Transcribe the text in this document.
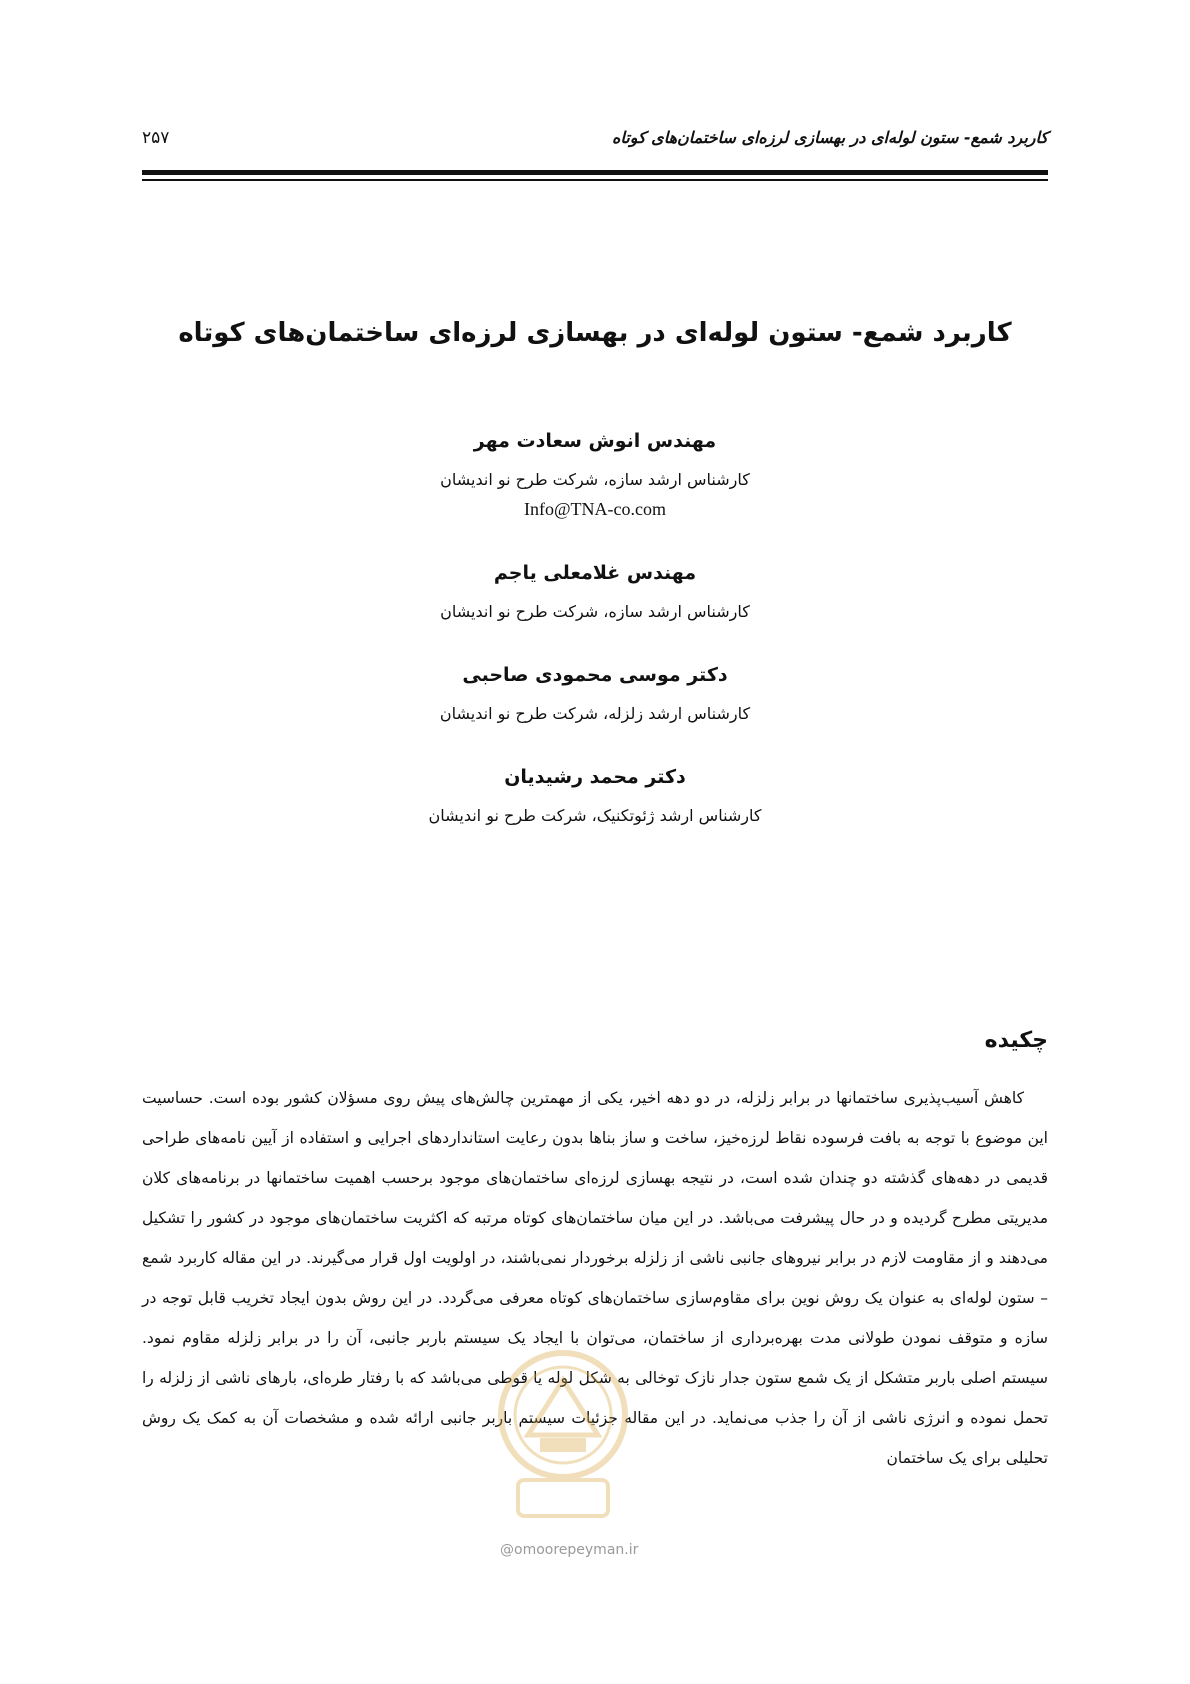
کاربرد شمع- ستون لوله‌ای در بهسازی لرزه‌ای ساختمان‌های کوتاه
۲۵۷
کاربرد شمع- ستون لوله‌ای در بهسازی لرزه‌ای ساختمان‌های کوتاه
مهندس انوش سعادت مهر
کارشناس ارشد سازه، شرکت طرح نو اندیشان
Info@TNA-co.com
مهندس غلامعلی یاجم
کارشناس ارشد سازه، شرکت طرح نو اندیشان
دکتر موسی محمودی صاحبی
کارشناس ارشد زلزله، شرکت طرح نو اندیشان
دکتر محمد رشیدیان
کارشناس ارشد ژئوتکنیک، شرکت طرح نو اندیشان
چکیده
کاهش آسیب‌پذیری ساختمانها در برابر زلزله، در دو دهه اخیر، یکی از مهمترین چالش‌های پیش روی مسؤلان کشور بوده است. حساسیت این موضوع با توجه به بافت فرسوده نقاط لرزه‌خیز، ساخت و ساز بناها بدون رعایت استانداردهای اجرایی و استفاده از آیین نامه‌های طراحی قدیمی در دهه‌های گذشته دو چندان شده است، در نتیجه بهسازی لرزه‌ای ساختمان‌های موجود برحسب اهمیت ساختمانها در برنامه‌های کلان مدیریتی مطرح گردیده و در حال پیشرفت می‌باشد. در این میان ساختمان‌های کوتاه مرتبه که اکثریت ساختمان‌های موجود در کشور را تشکیل می‌دهند و از مقاومت لازم در برابر نیروهای جانبی ناشی از زلزله برخوردار نمی‌باشند، در اولویت اول قرار می‌گیرند. در این مقاله کاربرد شمع – ستون لوله‌ای به عنوان یک روش نوین برای مقاوم‌سازی ساختمان‌های کوتاه معرفی می‌گردد. در این روش بدون ایجاد تخریب قابل توجه در سازه و متوقف نمودن طولانی مدت بهره‌برداری از ساختمان، می‌توان با ایجاد یک سیستم باربر جانبی، آن را در برابر زلزله مقاوم نمود. سیستم اصلی باربر متشکل از یک شمع ستون جدار نازک توخالی به شکل لوله یا قوطی می‌باشد که با رفتار طره‌ای، بارهای ناشی از زلزله را تحمل نموده و انرژی ناشی از آن را جذب می‌نماید. در این مقاله جزئیات سیستم باربر جانبی ارائه شده و مشخصات آن به کمک یک روش تحلیلی برای یک ساختمان
@omoorepeyman.ir
